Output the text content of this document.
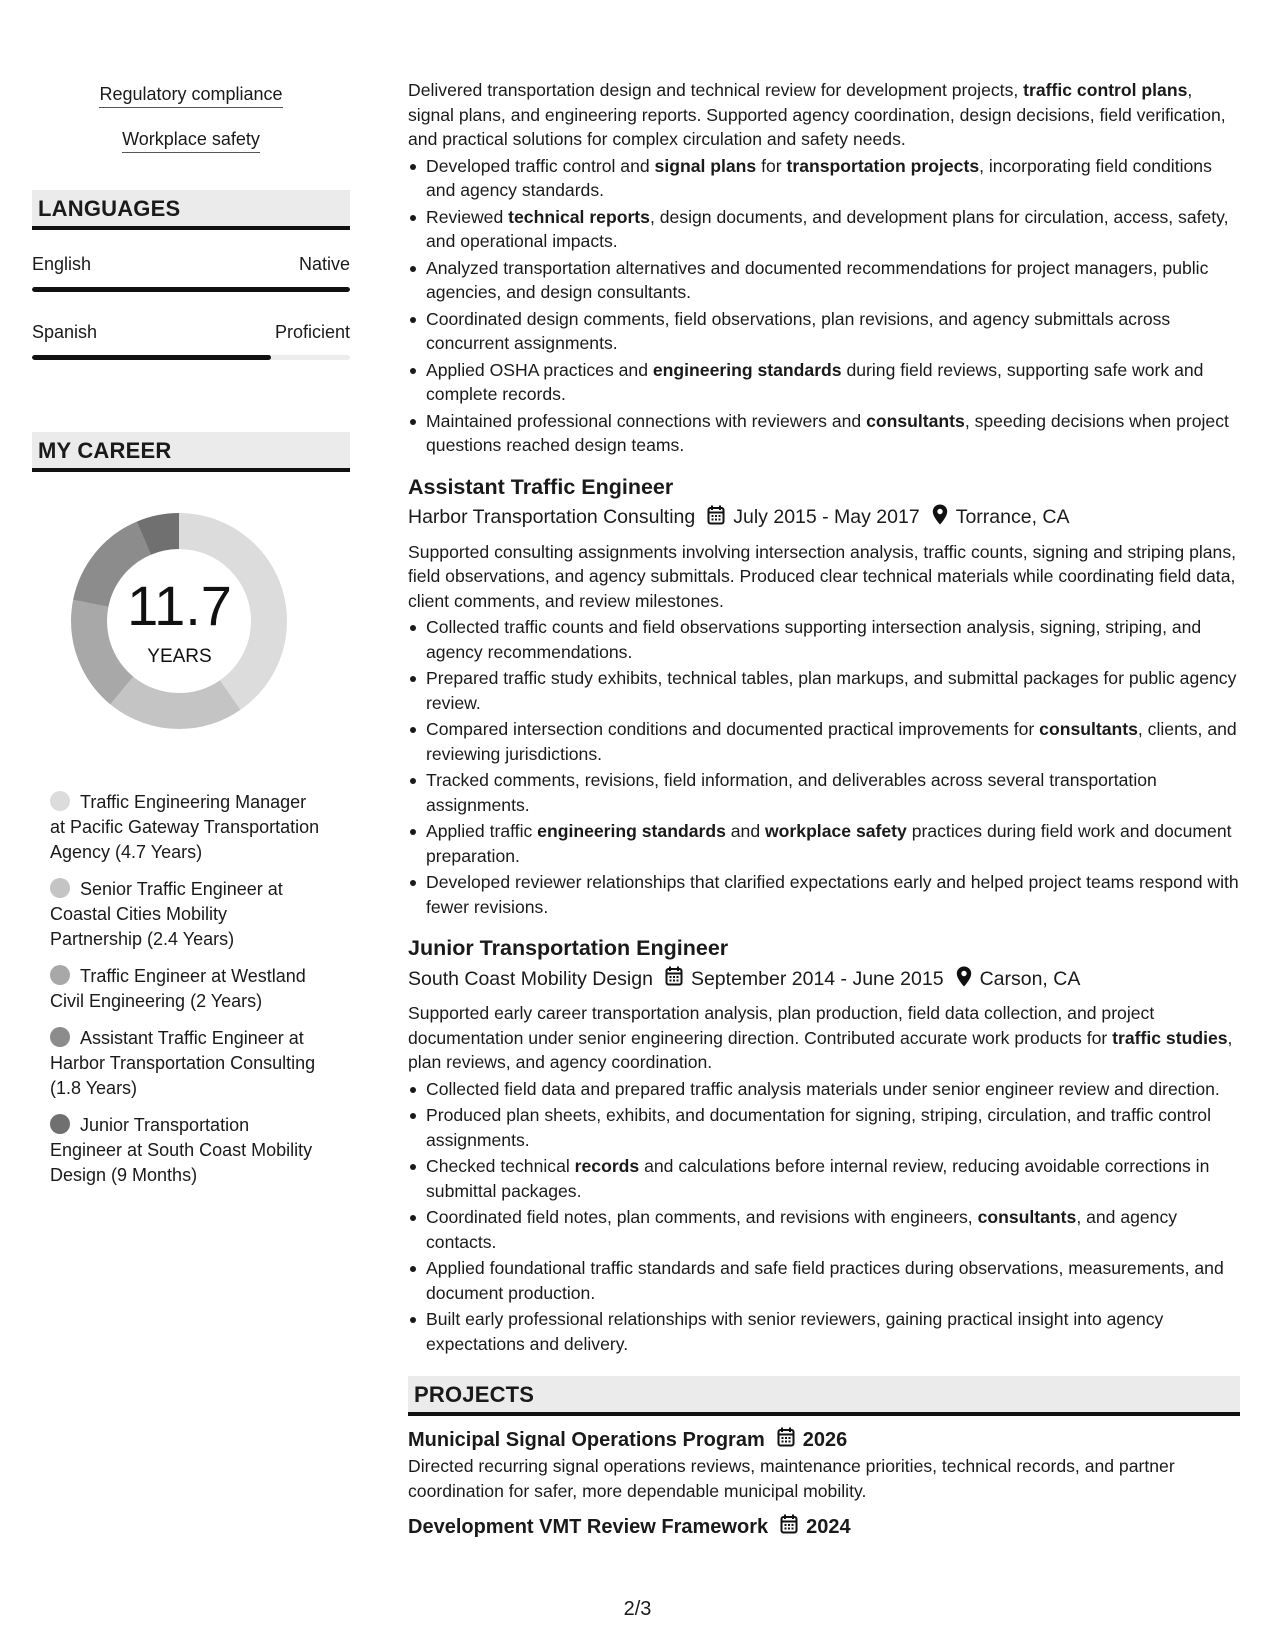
Regulatory compliance
Workplace safety
LANGUAGES
English	Native
Spanish	Proficient
MY CAREER
11.7
YEARS
Traffic Engineering Manager at Pacific Gateway Transportation Agency (4.7 Years)
Senior Traffic Engineer at Coastal Cities Mobility Partnership (2.4 Years)
Traffic Engineer at Westland Civil Engineering (2 Years)
Assistant Traffic Engineer at Harbor Transportation Consulting (1.8 Years)
Junior Transportation Engineer at South Coast Mobility Design (9 Months)
Delivered transportation design and technical review for development projects, traffic control plans, signal plans, and engineering reports. Supported agency coordination, design decisions, field verification, and practical solutions for complex circulation and safety needs.
Developed traffic control and signal plans for transportation projects, incorporating field conditions and agency standards.
Reviewed technical reports, design documents, and development plans for circulation, access, safety, and operational impacts.
Analyzed transportation alternatives and documented recommendations for project managers, public agencies, and design consultants.
Coordinated design comments, field observations, plan revisions, and agency submittals across concurrent assignments.
Applied OSHA practices and engineering standards during field reviews, supporting safe work and complete records.
Maintained professional connections with reviewers and consultants, speeding decisions when project questions reached design teams.
Assistant Traffic Engineer
Harbor Transportation Consulting July 2015 - May 2017 Torrance, CA
Supported consulting assignments involving intersection analysis, traffic counts, signing and striping plans, field observations, and agency submittals. Produced clear technical materials while coordinating field data, client comments, and review milestones.
Collected traffic counts and field observations supporting intersection analysis, signing, striping, and agency recommendations.
Prepared traffic study exhibits, technical tables, plan markups, and submittal packages for public agency review.
Compared intersection conditions and documented practical improvements for consultants, clients, and reviewing jurisdictions.
Tracked comments, revisions, field information, and deliverables across several transportation assignments.
Applied traffic engineering standards and workplace safety practices during field work and document preparation.
Developed reviewer relationships that clarified expectations early and helped project teams respond with fewer revisions.
Junior Transportation Engineer
South Coast Mobility Design September 2014 - June 2015 Carson, CA
Supported early career transportation analysis, plan production, field data collection, and project documentation under senior engineering direction. Contributed accurate work products for traffic studies, plan reviews, and agency coordination.
Collected field data and prepared traffic analysis materials under senior engineer review and direction.
Produced plan sheets, exhibits, and documentation for signing, striping, circulation, and traffic control assignments.
Checked technical records and calculations before internal review, reducing avoidable corrections in submittal packages.
Coordinated field notes, plan comments, and revisions with engineers, consultants, and agency contacts.
Applied foundational traffic standards and safe field practices during observations, measurements, and document production.
Built early professional relationships with senior reviewers, gaining practical insight into agency expectations and delivery.
PROJECTS
Municipal Signal Operations Program 2026
Directed recurring signal operations reviews, maintenance priorities, technical records, and partner coordination for safer, more dependable municipal mobility.
Development VMT Review Framework 2024
2/3
